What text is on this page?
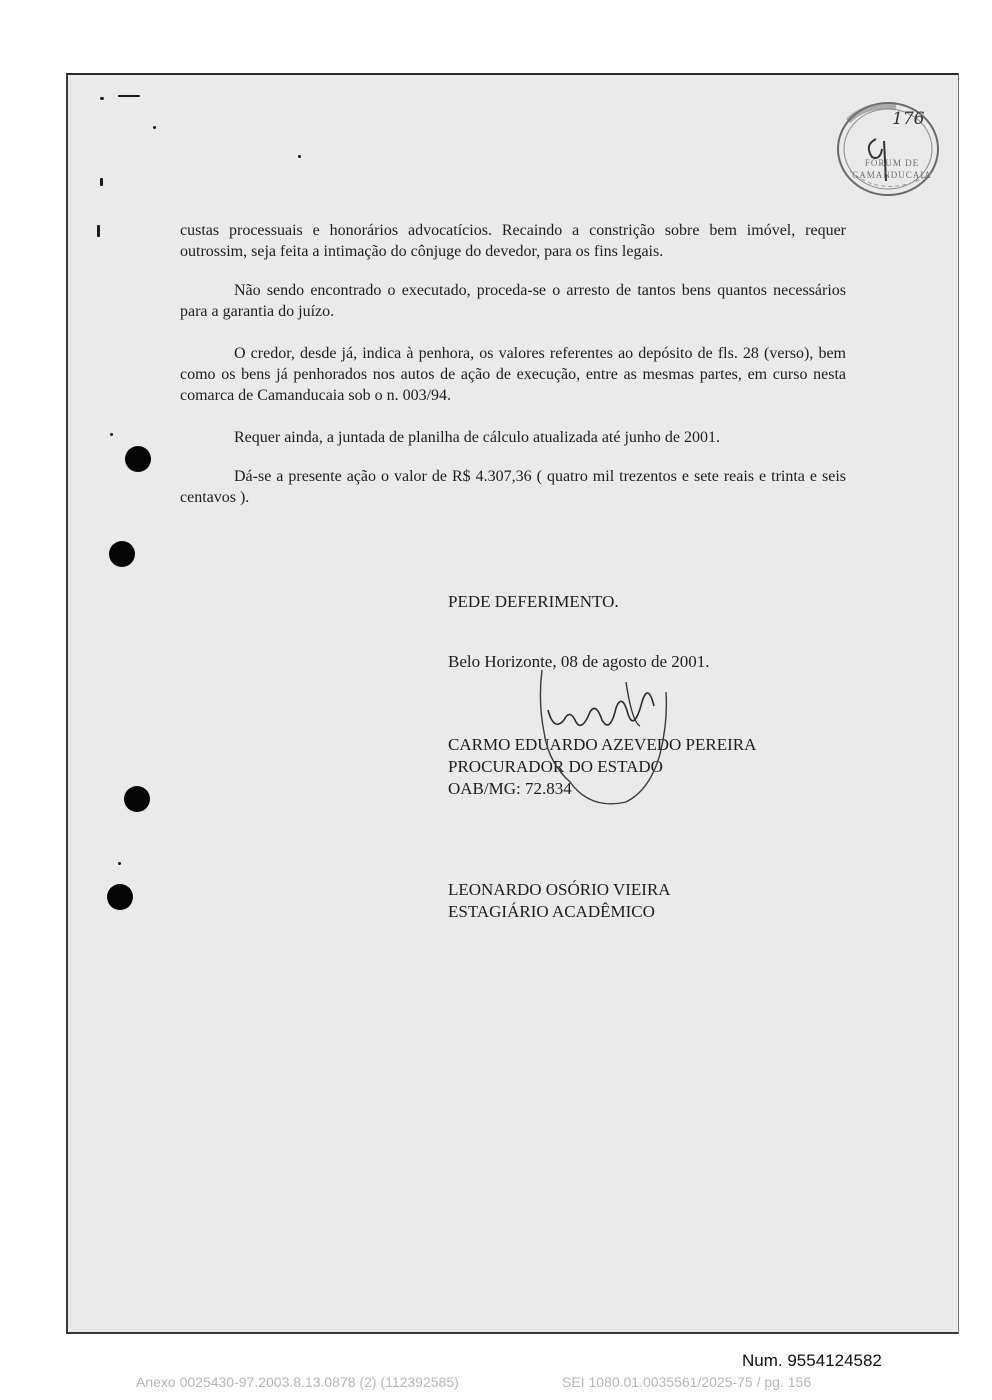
176
FORUM DE CAMANDUCAIA

custas processuais e honorários advocatícios. Recaindo a constrição sobre bem imóvel, requer outrossim, seja feita a intimação do cônjuge do devedor, para os fins legais.

Não sendo encontrado o executado, proceda-se o arresto de tantos bens quantos necessários para a garantia do juízo.

O credor, desde já, indica à penhora, os valores referentes ao depósito de fls. 28 (verso), bem como os bens já penhorados nos autos de ação de execução, entre as mesmas partes, em curso nesta comarca de Camanducaia sob o n. 003/94.

Requer ainda, a juntada de planilha de cálculo atualizada até junho de 2001.

Dá-se a presente ação o valor de R$ 4.307,36 ( quatro mil trezentos e sete reais e trinta e seis centavos ).

PEDE DEFERIMENTO.
Belo Horizonte, 08 de agosto de 2001.
CARMO EDUARDO AZEVEDO PEREIRA
PROCURADOR DO ESTADO
OAB/MG: 72.834
LEONARDO OSÓRIO VIEIRA
ESTAGIÁRIO ACADÊMICO
Num. 9554124582
Anexo 0025430-97.2003.8.13.0878 (2) (112392585)	SEI 1080.01.0035561/2025-75 / pg. 156
